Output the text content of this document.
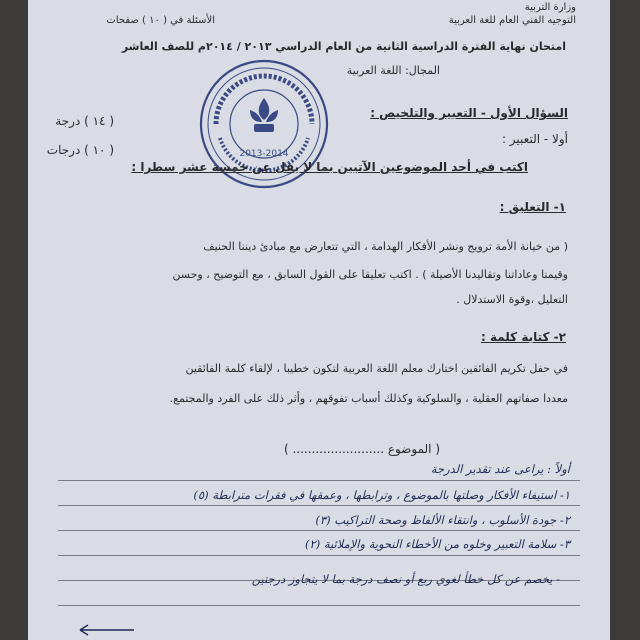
وزارة التربية
التوجيه الفني العام للغة العربية
الأسئلة في ( ١٠ ) صفحات
امتحان نهاية الفترة الدراسية الثانية من العام الدراسي ٢٠١٣ / ٢٠١٤م للصف العاشر
المجال: اللغة العربية
2013-2014
السؤال الأول - التعبير والتلخيص :
( ١٤ ) درجة
أولا - التعبير :
( ١٠ ) درجات
اكتب في أحد الموضوعين الآتيين بما لا يقل عن خمسة عشر سطرا :
١- التعليق :
( من خيانة الأمة ترويج ونشر الأفكار الهدامة ، التي تتعارض مع مبادئ ديننا الحنيف
وقيمنا وعاداتنا وتقاليدنا الأصيلة ) . اكتب تعليقا على القول السابق ، مع التوضيح ، وحسن
التعليل ،وقوة الاستدلال .
٢- كتابة كلمة :
في حفل تكريم الفائقين اختارك معلم اللغة العربية لتكون خطيبا ، لإلقاء كلمة الفائقين
معددا صفاتهم العقلية ، والسلوكية وكذلك أسباب تفوقهم ، وأثر ذلك على الفرد والمجتمع.
( الموضوع ........................ )
أولاً : يراعى عند تقدير الدرجة
١- استيفاء الأفكار وصلتها بالموضوع ، وترابطها ، وعمقها في فقرات مترابطة (٥)
٢- جودة الأسلوب ، وانتقاء الألفاظ وصحة التراكيب (٣)
٣- سلامة التعبير وخلوه من الأخطاء النحوية والإملائية (٢)
- يخصم عن كل خطأ لغوي ربع أو نصف درجة بما لا يتجاوز درجتين
